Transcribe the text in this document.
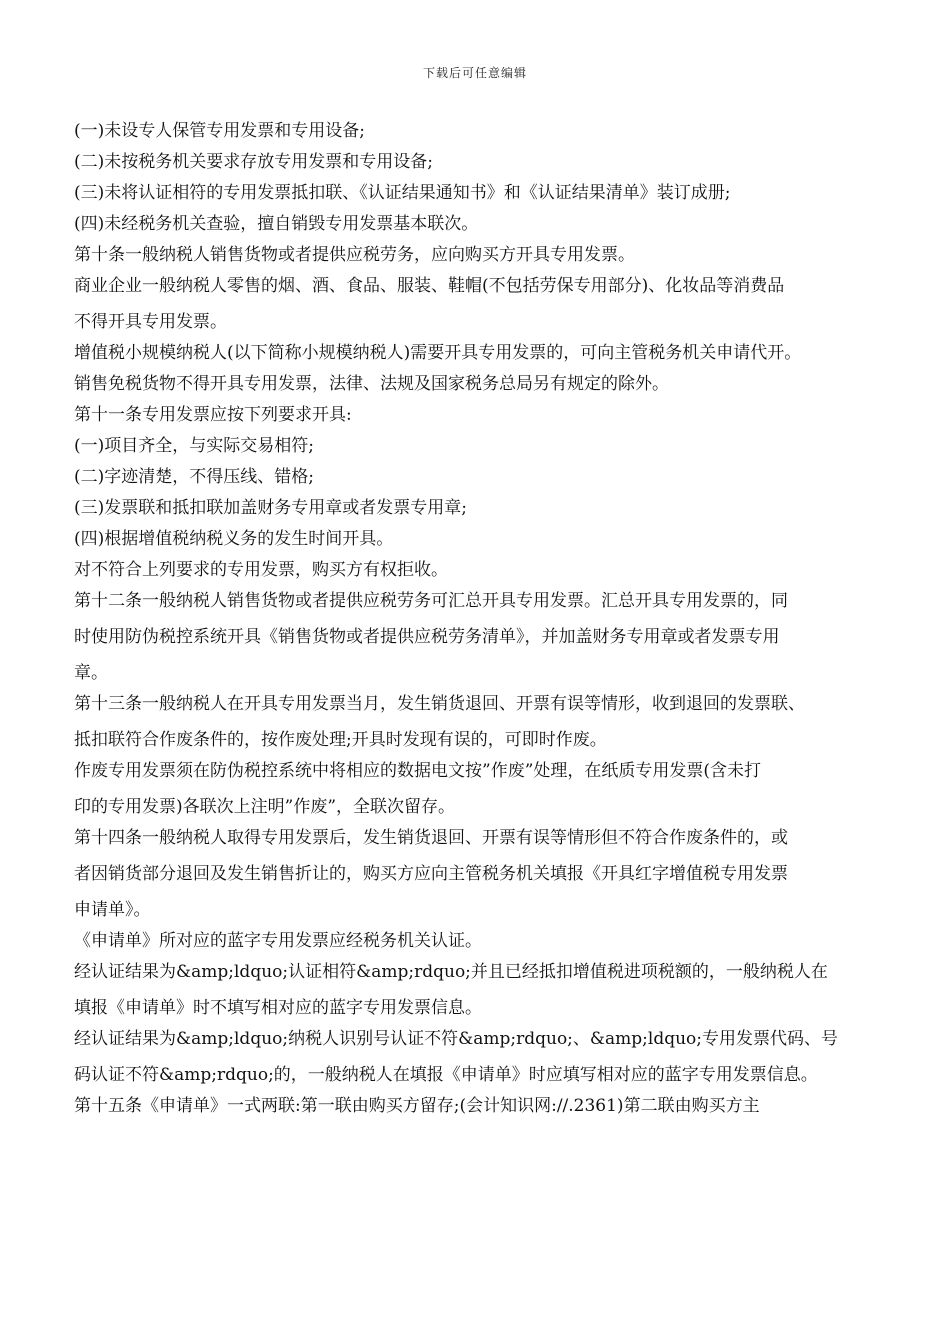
下载后可任意编辑
(一)未设专人保管专用发票和专用设备;
(二)未按税务机关要求存放专用发票和专用设备;
(三)未将认证相符的专用发票抵扣联、《认证结果通知书》和《认证结果清单》装订成册;
(四)未经税务机关查验，擅自销毁专用发票基本联次。
第十条一般纳税人销售货物或者提供应税劳务，应向购买方开具专用发票。
商业企业一般纳税人零售的烟、酒、食品、服装、鞋帽(不包括劳保专用部分)、化妆品等消费品
不得开具专用发票。
增值税小规模纳税人(以下简称小规模纳税人)需要开具专用发票的，可向主管税务机关申请代开。
销售免税货物不得开具专用发票，法律、法规及国家税务总局另有规定的除外。
第十一条专用发票应按下列要求开具:
(一)项目齐全，与实际交易相符;
(二)字迹清楚，不得压线、错格;
(三)发票联和抵扣联加盖财务专用章或者发票专用章;
(四)根据增值税纳税义务的发生时间开具。
对不符合上列要求的专用发票，购买方有权拒收。
第十二条一般纳税人销售货物或者提供应税劳务可汇总开具专用发票。汇总开具专用发票的，同
时使用防伪税控系统开具《销售货物或者提供应税劳务清单》，并加盖财务专用章或者发票专用
章。
第十三条一般纳税人在开具专用发票当月，发生销货退回、开票有误等情形，收到退回的发票联、
抵扣联符合作废条件的，按作废处理;开具时发现有误的，可即时作废。
作废专用发票须在防伪税控系统中将相应的数据电文按”作废”处理，在纸质专用发票(含未打
印的专用发票)各联次上注明”作废”，全联次留存。
第十四条一般纳税人取得专用发票后，发生销货退回、开票有误等情形但不符合作废条件的，或
者因销货部分退回及发生销售折让的，购买方应向主管税务机关填报《开具红字增值税专用发票
申请单》。
《申请单》所对应的蓝字专用发票应经税务机关认证。
经认证结果为&amp;ldquo;认证相符&amp;rdquo;并且已经抵扣增值税进项税额的，一般纳税人在
填报《申请单》时不填写相对应的蓝字专用发票信息。
经认证结果为&amp;ldquo;纳税人识别号认证不符&amp;rdquo;、&amp;ldquo;专用发票代码、号
码认证不符&amp;rdquo;的，一般纳税人在填报《申请单》时应填写相对应的蓝字专用发票信息。
第十五条《申请单》一式两联:第一联由购买方留存;(会计知识网://.2361)第二联由购买方主
